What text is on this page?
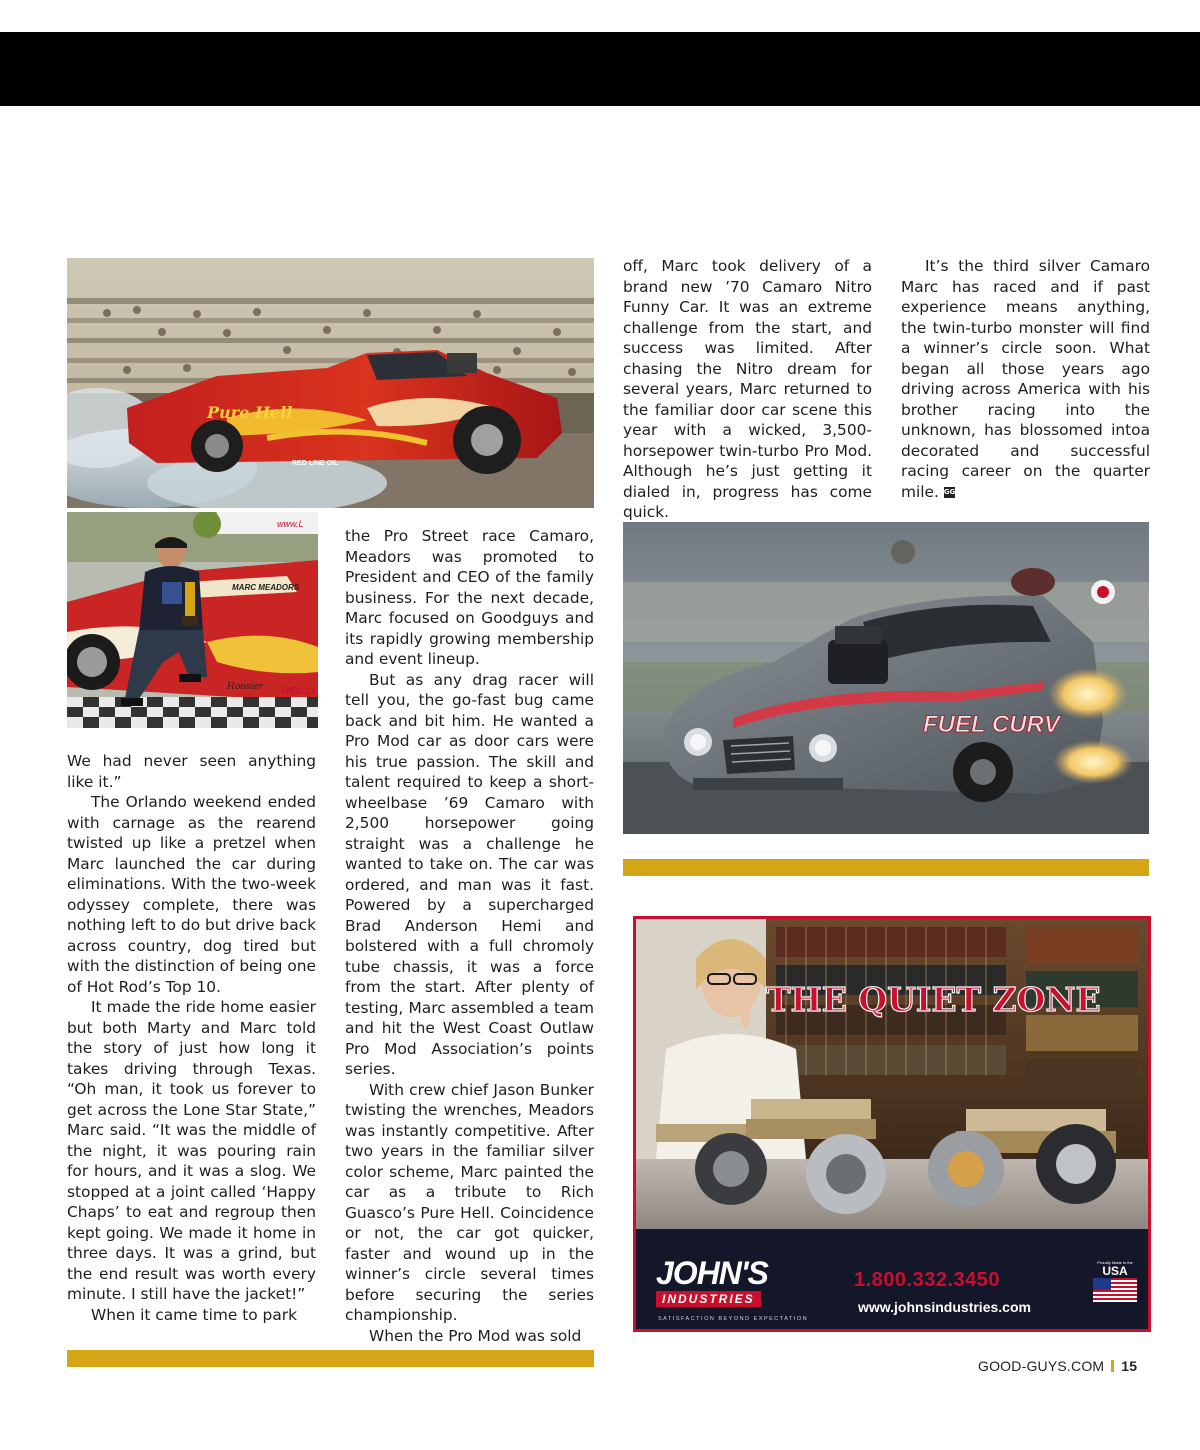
Pure Hell
RED LINE OIL
www.L
MARC MEADORS
Hoosier RED LI
FUEL CURV

We had never seen anything like it.”

The Orlando weekend ended with carnage as the rearend twisted up like a pretzel when Marc launched the car during eliminations. With the two-week odyssey complete, there was nothing left to do but drive back across country, dog tired but with the distinction of being one of Hot Rod’s Top 10.

It made the ride home easier but both Marty and Marc told the story of just how long it takes driving through Texas. “Oh man, it took us forever to get across the Lone Star State,” Marc said. “It was the middle of the night, it was pouring rain for hours, and it was a slog. We stopped at a joint called ‘Happy Chaps’ to eat and regroup then kept going. We made it home in three days. It was a grind, but the end result was worth every minute. I still have the jacket!”

When it came time to park

the Pro Street race Camaro, Meadors was promoted to President and CEO of the family business. For the next decade, Marc focused on Goodguys and its rapidly growing membership and event lineup.

But as any drag racer will tell you, the go-fast bug came back and bit him. He wanted a Pro Mod car as door cars were his true passion. The skill and talent required to keep a short-wheelbase ’69 Camaro with 2,500 horsepower going straight was a challenge he wanted to take on. The car was ordered, and man was it fast. Powered by a supercharged Brad Anderson Hemi and bolstered with a full chromoly tube chassis, it was a force from the start. After plenty of testing, Marc assembled a team and hit the West Coast Outlaw Pro Mod Association’s points series.

With crew chief Jason Bunker twisting the wrenches, Meadors was instantly competitive. After two years in the familiar silver color scheme, Marc painted the car as a tribute to Rich Guasco’s Pure Hell. Coincidence or not, the car got quicker, faster and wound up in the winner’s circle several times before securing the series championship.

When the Pro Mod was sold

off, Marc took delivery of a brand new ’70 Camaro Nitro Funny Car. It was an extreme challenge from the start, and success was limited. After chasing the Nitro dream for several years, Marc returned to the familiar door car scene this year with a wicked, 3,500-horsepower twin-turbo Pro Mod. Although he’s just getting it dialed in, progress has come quick.

It’s the third silver Camaro Marc has raced and if past experience means anything, the twin-turbo monster will find a winner’s circle soon. What began all those years ago driving across America with his brother racing into the unknown, has blossomed intoa decorated and successful racing career on the quarter mile. GG

THE QUIET ZONE
JOHN'S
INDUSTRIES
SATISFACTION BEYOND EXPECTATION
1.800.332.3450
www.johnsindustries.com
Proudly Made in the
USA
GOOD-GUYS.COM 15
